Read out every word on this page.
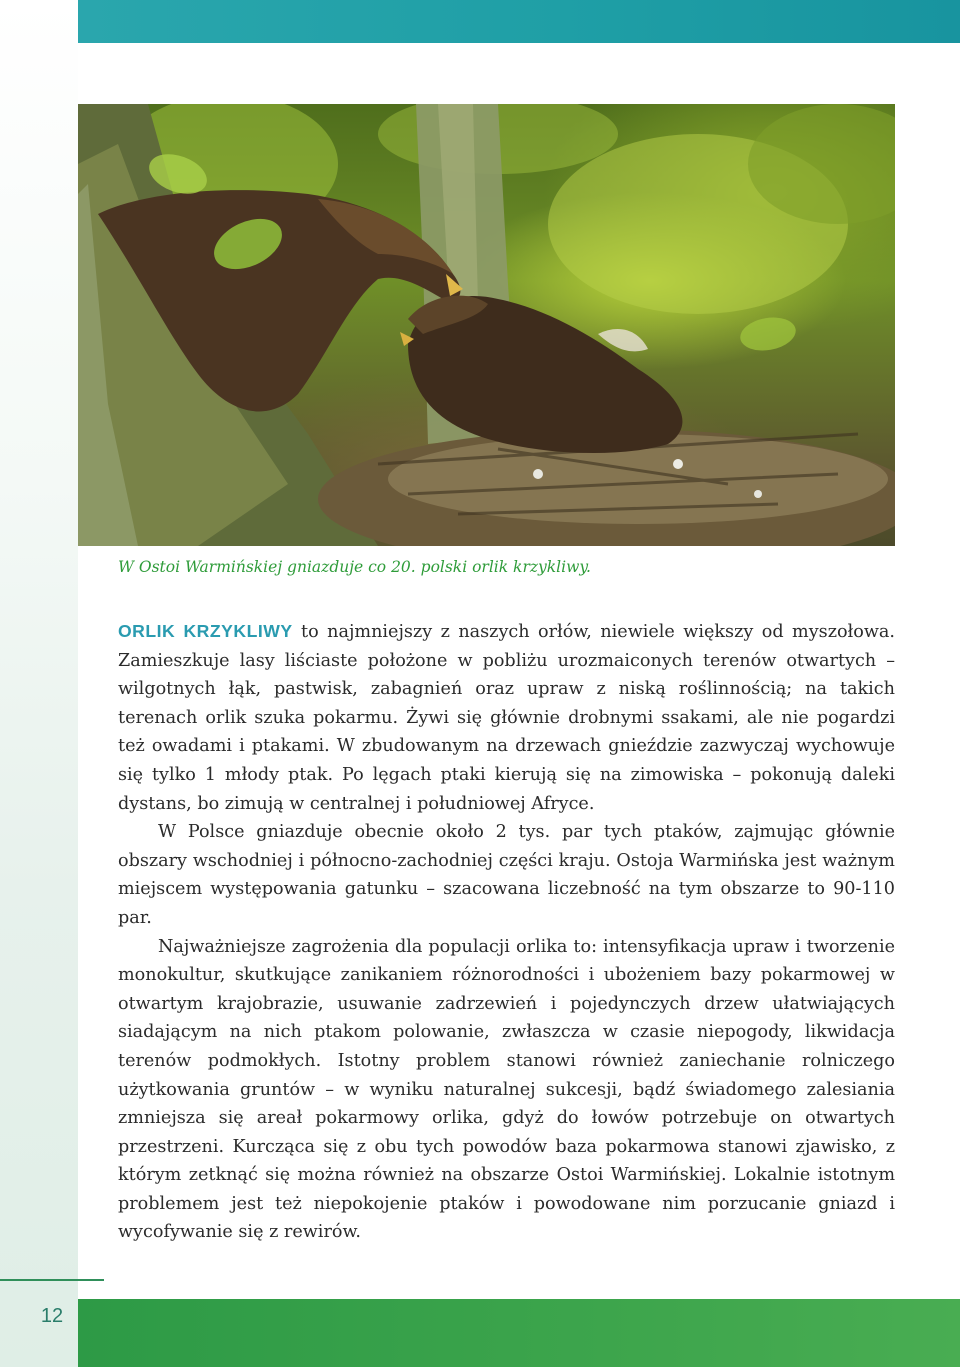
W Ostoi Warmińskiej gniazduje co 20. polski orlik krzykliwy.

ORLIK KRZYKLIWY to najmniejszy z naszych orłów, niewiele większy od myszołowa. Zamieszkuje lasy liściaste położone w pobliżu urozmaiconych terenów otwartych – wilgotnych łąk, pastwisk, zabagnień oraz upraw z niską roślinnością; na takich terenach orlik szuka pokarmu. Żywi się głównie drobnymi ssakami, ale nie pogardzi też owadami i ptakami. W zbudowanym na drzewach gnieździe zazwyczaj wychowuje się tylko 1 młody ptak. Po lęgach ptaki kierują się na zimowiska – pokonują daleki dystans, bo zimują w centralnej i południowej Afryce.

W Polsce gniazduje obecnie około 2 tys. par tych ptaków, zajmując głównie obszary wschodniej i północno-zachodniej części kraju. Ostoja Warmińska jest ważnym miejscem występowania gatunku – szacowana liczebność na tym obszarze to 90-110 par.

Najważniejsze zagrożenia dla populacji orlika to: intensyfikacja upraw i tworzenie monokultur, skutkujące zanikaniem różnorodności i ubożeniem bazy pokarmowej w otwartym krajobrazie, usuwanie zadrzewień i pojedynczych drzew ułatwiających siadającym na nich ptakom polowanie, zwłaszcza w czasie niepogody, likwidacja terenów podmokłych. Istotny problem stanowi również zaniechanie rolniczego użytkowania gruntów – w wyniku naturalnej sukcesji, bądź świadomego zalesiania zmniejsza się areał pokarmowy orlika, gdyż do łowów potrzebuje on otwartych przestrzeni. Kurcząca się z obu tych powodów baza pokarmowa stanowi zjawisko, z którym zetknąć się można również na obszarze Ostoi Warmińskiej. Lokalnie istotnym problemem jest też niepokojenie ptaków i powodowane nim porzucanie gniazd i wycofywanie się z rewirów.

12
